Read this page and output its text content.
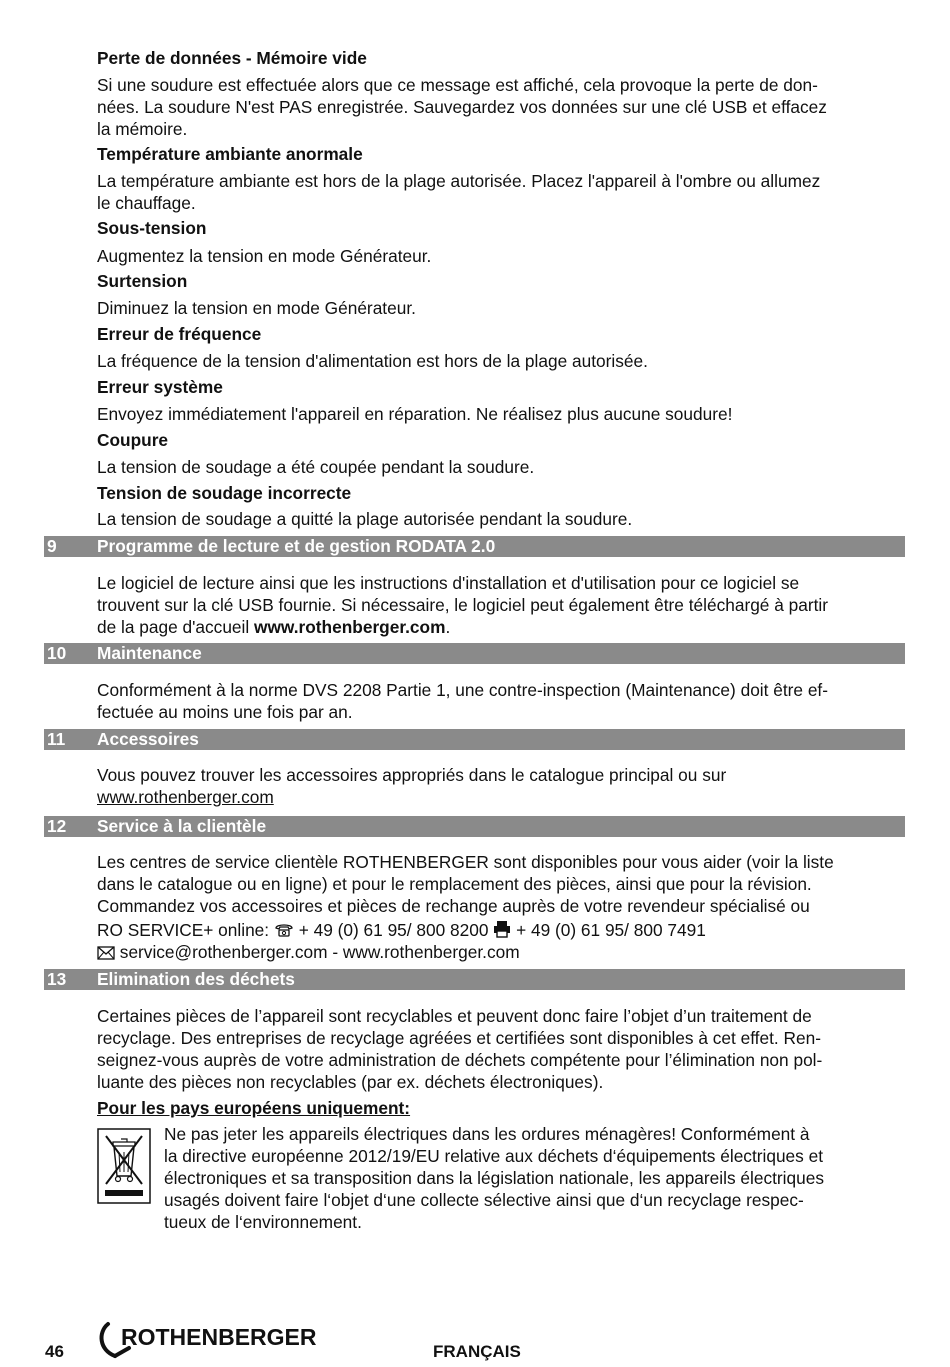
Perte de données - Mémoire vide
Si une soudure est effectuée alors que ce message est affiché, cela provoque la perte de don-
nées. La soudure N'est PAS enregistrée. Sauvegardez vos données sur une clé USB et effacez
la mémoire.
Température ambiante anormale
La température ambiante est hors de la plage autorisée. Placez l'appareil à l'ombre ou allumez
le chauffage.
Sous-tension
Augmentez la tension en mode Générateur.
Surtension
Diminuez la tension en mode Générateur.
Erreur de fréquence
La fréquence de la tension d'alimentation est hors de la plage autorisée.
Erreur système
Envoyez immédiatement l'appareil en réparation. Ne réalisez plus aucune soudure!
Coupure
La tension de soudage a été coupée pendant la soudure.
Tension de soudage incorrecte
La tension de soudage a quitté la plage autorisée pendant la soudure.
9 Programme de lecture et de gestion RODATA 2.0
Le logiciel de lecture ainsi que les instructions d'installation et d'utilisation pour ce logiciel se
trouvent sur la clé USB fournie. Si nécessaire, le logiciel peut également être téléchargé à partir
de la page d'accueil www.rothenberger.com.
10 Maintenance
Conformément à la norme DVS 2208 Partie 1, une contre-inspection (Maintenance) doit être ef-
fectuée au moins une fois par an.
11 Accessoires
Vous pouvez trouver les accessoires appropriés dans le catalogue principal ou sur
www.rothenberger.com
12 Service à la clientèle
Les centres de service clientèle ROTHENBERGER sont disponibles pour vous aider (voir la liste
dans le catalogue ou en ligne) et pour le remplacement des pièces, ainsi que pour la révision.
Commandez vos accessoires et pièces de rechange auprès de votre revendeur spécialisé ou
RO SERVICE+ online:  + 49 (0) 61 95/ 800 8200  + 49 (0) 61 95/ 800 7491
service@rothenberger.com - www.rothenberger.com
13 Elimination des déchets
Certaines pièces de l’appareil sont recyclables et peuvent donc faire l’objet d’un traitement de
recyclage. Des entreprises de recyclage agréées et certifiées sont disponibles à cet effet. Ren-
seignez-vous auprès de votre administration de déchets compétente pour l’élimination non pol-
luante des pièces non recyclables (par ex. déchets électroniques).
Pour les pays européens uniquement:
Ne pas jeter les appareils électriques dans les ordures ménagères! Conformément à
la directive européenne 2012/19/EU relative aux déchets d‘équipements électriques et
électroniques et sa transposition dans la législation nationale, les appareils électriques
usagés doivent faire l‘objet d‘une collecte sélective ainsi que d‘un recyclage respec-
tueux de l‘environnement.
46
ROTHENBERGER
FRANÇAIS
